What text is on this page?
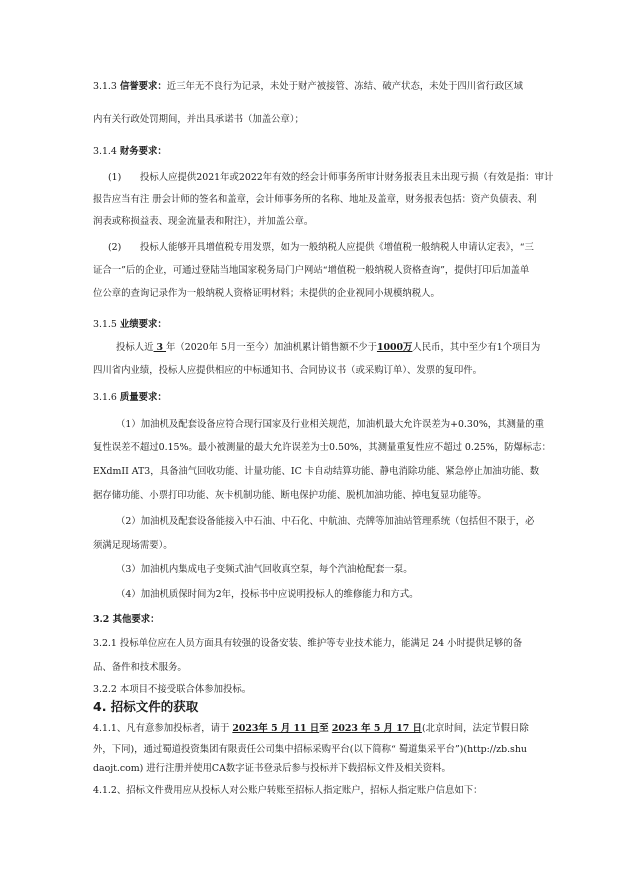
3.1.3 信誉要求：近三年无不良行为记录，未处于财产被接管、冻结、破产状态，未处于四川省行政区域
内有关行政处罚期间，并出具承诺书（加盖公章）；
3.1.4 财务要求：
(1)　　投标人应提供2021年或2022年有效的经会计师事务所审计财务报表且未出现亏损（有效是指：审计
报告应当有注 册会计师的签名和盖章，会计师事务所的名称、地址及盖章，财务报表包括：资产负债表、利
润表或称损益表、现金流量表和附注），并加盖公章。
(2)　　投标人能够开具增值税专用发票，如为一般纳税人应提供《增值税一般纳税人申请认定表》，“三
证合一”后的企业，可通过登陆当地国家税务局门户网站“增值税一般纳税人资格查询”，提供打印后加盖单
位公章的查询记录作为一般纳税人资格证明材料；未提供的企业视同小规模纳税人。
3.1.5 业绩要求：
投标人近 3 年（2020年 5月一至今）加油机累计销售额不少于1000万人民币，其中至少有1个项目为
四川省内业绩，投标人应提供相应的中标通知书、合同协议书（或采购订单）、发票的复印件。
3.1.6 质量要求：
（1）加油机及配套设备应符合现行国家及行业相关规范，加油机最大允许误差为+0.30%，其测量的重
复性误差不超过0.15%。最小被测量的最大允许误差为士0.50%，其测量重复性应不超过 0.25%，防爆标志：
EXdmII AT3，具备油气回收功能、计量功能、IC 卡自动结算功能、静电消除功能、紧急停止加油功能、数
据存储功能、小票打印功能、灰卡机制功能、断电保护功能、脱机加油功能、掉电复显功能等。
（2）加油机及配套设备能接入中石油、中石化、中航油、壳牌等加油站管理系统（包括但不限于，必
须满足现场需要）。
（3）加油机内集成电子变频式油气回收真空泵，每个汽油枪配套一泵。
（4）加油机质保时间为2年，投标书中应说明投标人的维修能力和方式。
3.2 其他要求：
3.2.1 投标单位应在人员方面具有较强的设备安装、维护等专业技术能力，能满足 24 小时提供足够的备
品、备件和技术服务。
3.2.2 本项目不接受联合体参加投标。
4. 招标文件的获取
4.1.1、凡有意参加投标者，请于 2023年 5 月 11 日至 2023 年 5 月 17 日(北京时间，法定节假日除
外，下同)，通过蜀道投资集团有限责任公司集中招标采购平台(以下简称“ 蜀道集采平台”)(http://zb.shu
daojt.com) 进行注册并使用CA数字证书登录后参与投标并下载招标文件及相关资料。
4.1.2、招标文件费用应从投标人对公账户转账至招标人指定账户，招标人指定账户信息如下：
